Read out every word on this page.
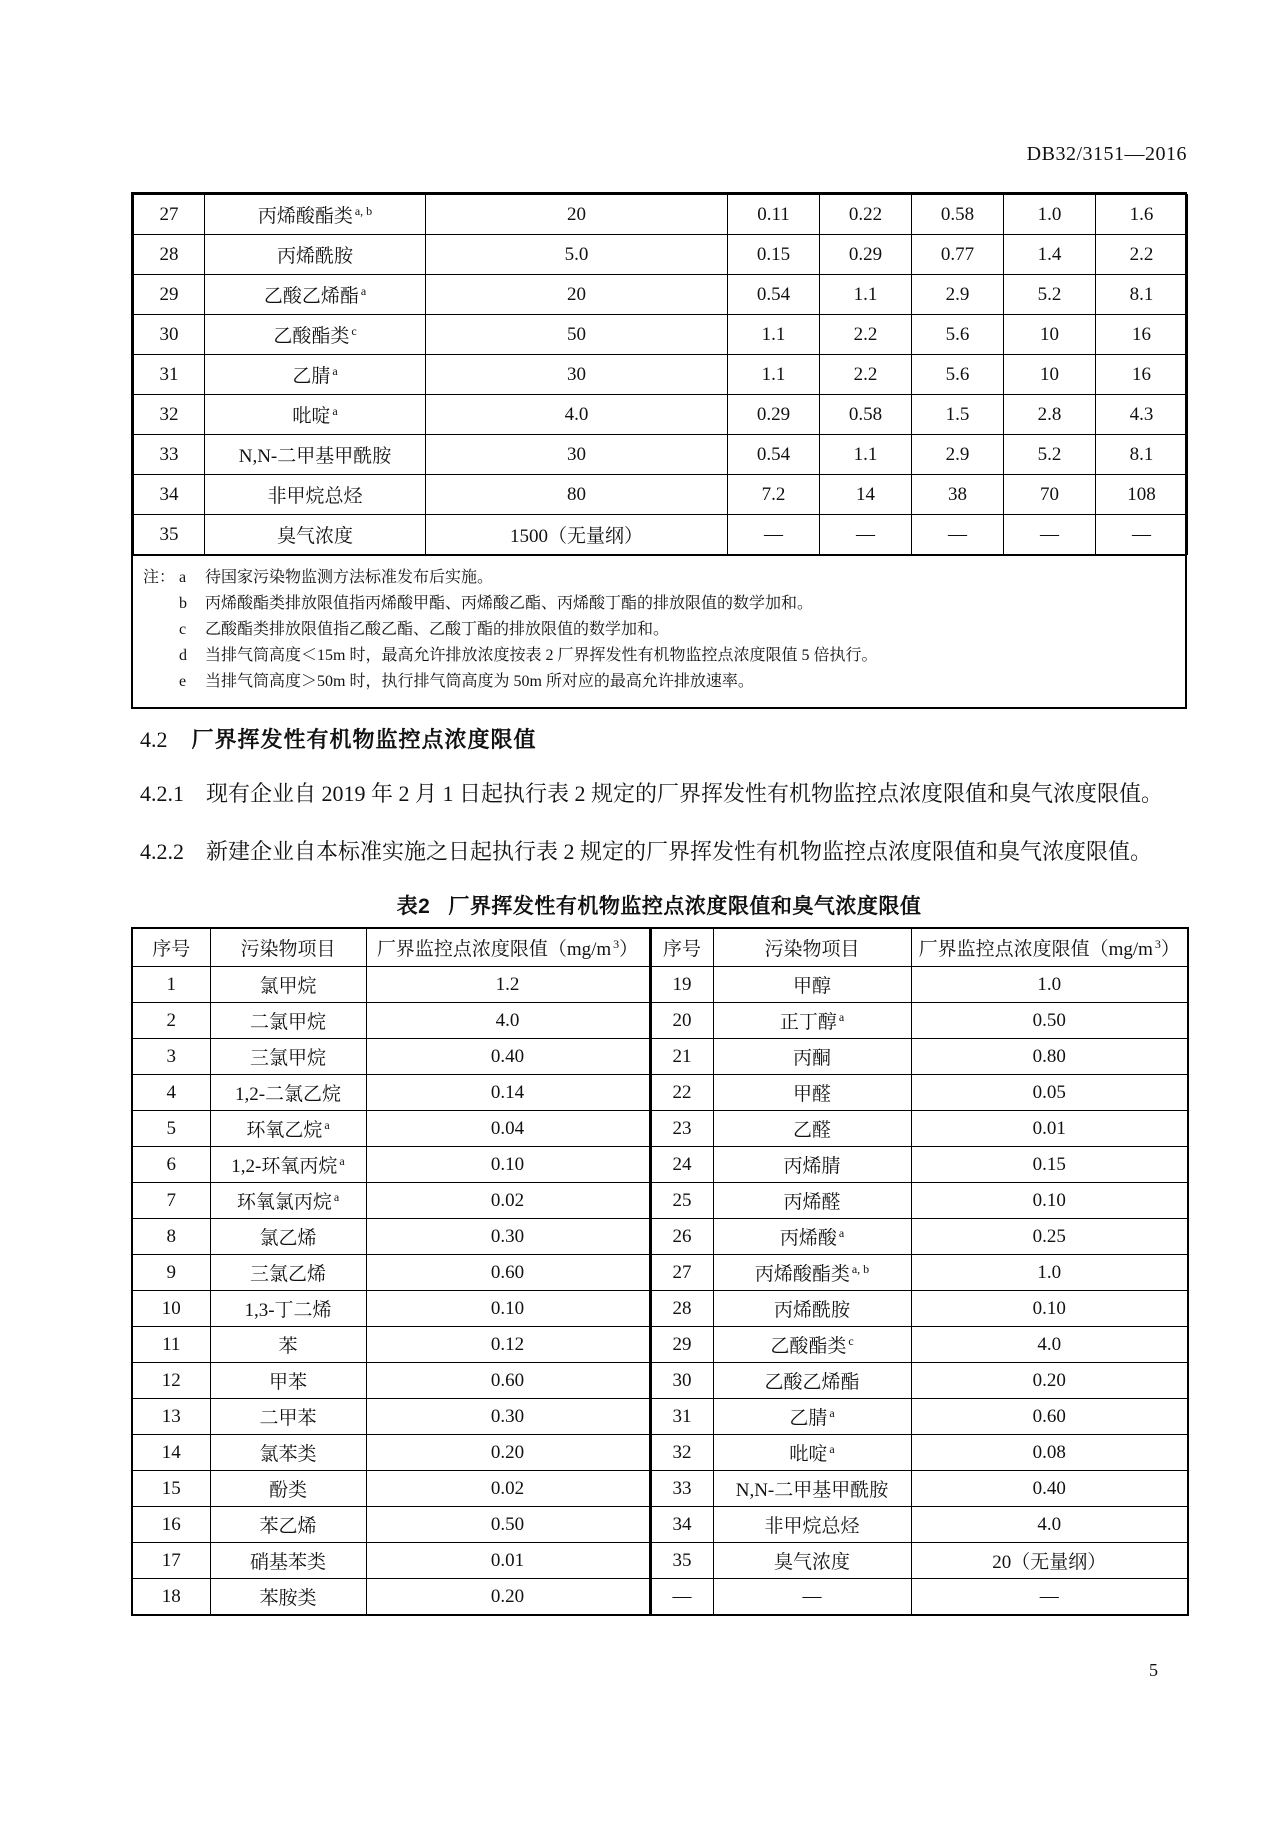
DB32/3151—2016
27	丙烯酸酯类 $^{a, b}$	20	0.11	0.22	0.58	1.0	1.6
28	丙烯酰胺	5.0	0.15	0.29	0.77	1.4	2.2
29	乙酸乙烯酯 $^a$	20	0.54	1.1	2.9	5.2	8.1
30	乙酸酯类 $^c$	50	1.1	2.2	5.6	10	16
31	乙腈 $^a$	30	1.1	2.2	5.6	10	16
32	吡啶 $^a$	4.0	0.29	0.58	1.5	2.8	4.3
33	N,N-二甲基甲酰胺	30	0.54	1.1	2.9	5.2	8.1
34	非甲烷总烃	80	7.2	14	38	70	108
35	臭气浓度	1500（无量纲）	—	—	—	—	—
注： a	待国家污染物监测方法标准发布后实施。
b	丙烯酸酯类排放限值指丙烯酸甲酯、丙烯酸乙酯、丙烯酸丁酯的排放限值的数学加和。
c	乙酸酯类排放限值指乙酸乙酯、乙酸丁酯的排放限值的数学加和。
d	当排气筒高度＜15m 时，最高允许排放浓度按表 2 厂界挥发性有机物监控点浓度限值 5 倍执行。
e	当排气筒高度＞50m 时，执行排气筒高度为 50m 所对应的最高允许排放速率。
4.2 厂界挥发性有机物监控点浓度限值

4.2.1 现有企业自 2019 年 2 月 1 日起执行表 2 规定的厂界挥发性有机物监控点浓度限值和臭气浓度限值。

4.2.2 新建企业自本标准实施之日起执行表 2 规定的厂界挥发性有机物监控点浓度限值和臭气浓度限值。

表2 厂界挥发性有机物监控点浓度限值和臭气浓度限值
序号	污染物项目	厂界监控点浓度限值（mg/m $^3$）	序号	污染物项目	厂界监控点浓度限值（mg/m $^3$）
1	氯甲烷	1.2	19	甲醇	1.0
2	二氯甲烷	4.0	20	正丁醇 $^a$	0.50
3	三氯甲烷	0.40	21	丙酮	0.80
4	1,2-二氯乙烷	0.14	22	甲醛	0.05
5	环氧乙烷 $^a$	0.04	23	乙醛	0.01
6	1,2-环氧丙烷 $^a$	0.10	24	丙烯腈	0.15
7	环氧氯丙烷 $^a$	0.02	25	丙烯醛	0.10
8	氯乙烯	0.30	26	丙烯酸 $^a$	0.25
9	三氯乙烯	0.60	27	丙烯酸酯类 $^{a, b}$	1.0
10	1,3-丁二烯	0.10	28	丙烯酰胺	0.10
11	苯	0.12	29	乙酸酯类 $^c$	4.0
12	甲苯	0.60	30	乙酸乙烯酯	0.20
13	二甲苯	0.30	31	乙腈 $^a$	0.60
14	氯苯类	0.20	32	吡啶 $^a$	0.08
15	酚类	0.02	33	N,N-二甲基甲酰胺	0.40
16	苯乙烯	0.50	34	非甲烷总烃	4.0
17	硝基苯类	0.01	35	臭气浓度	20（无量纲）
18	苯胺类	0.20	—	—	—
5
